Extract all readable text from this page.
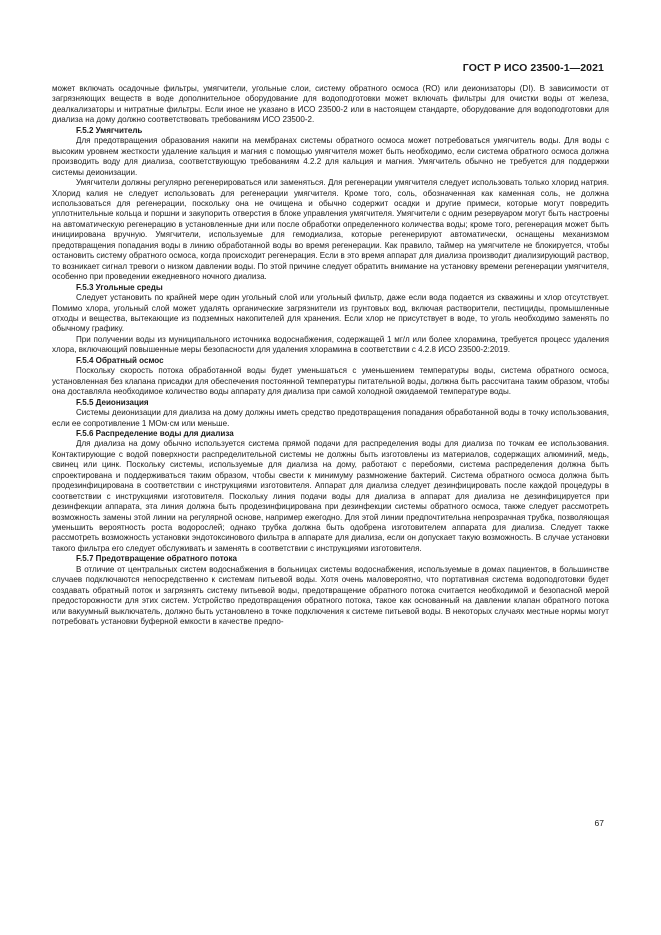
ГОСТ Р ИСО 23500-1—2021

может включать осадочные фильтры, умягчители, угольные слои, систему обратного осмоса (RO) или деионизаторы (DI). В зависимости от загрязняющих веществ в воде дополнительное оборудование для водоподготовки может включать фильтры для очистки воды от железа, деалкализаторы и нитратные фильтры. Если иное не указано в ИСО 23500-2 или в настоящем стандарте, оборудование для водоподготовки для диализа на дому должно соответствовать требованиям ИСО 23500-2.

F.5.2 Умягчитель

Для предотвращения образования накипи на мембранах системы обратного осмоса может потребоваться умягчитель воды. Для воды с высоким уровнем жесткости удаление кальция и магния с помощью умягчителя может быть необходимо, если система обратного осмоса должна производить воду для диализа, соответствующую требованиям 4.2.2 для кальция и магния. Умягчитель обычно не требуется для поддержки системы деионизации.

Умягчители должны регулярно регенерироваться или заменяться. Для регенерации умягчителя следует использовать только хлорид натрия. Хлорид калия не следует использовать для регенерации умягчителя. Кроме того, соль, обозначенная как каменная соль, не должна использоваться для регенерации, поскольку она не очищена и обычно содержит осадки и другие примеси, которые могут повредить уплотнительные кольца и поршни и закупорить отверстия в блоке управления умягчителя. Умягчители с одним резервуаром могут быть настроены на автоматическую регенерацию в установленные дни или после обработки определенного количества воды; кроме того, регенерация может быть инициирована вручную. Умягчители, используемые для гемодиализа, которые регенерируют автоматически, оснащены механизмом предотвращения попадания воды в линию обработанной воды во время регенерации. Как правило, таймер на умягчителе не блокируется, чтобы остановить систему обратного осмоса, когда происходит регенерация. Если в это время аппарат для диализа производит диализирующий раствор, то возникает сигнал тревоги о низком давлении воды. По этой причине следует обратить внимание на установку времени регенерации умягчителя, особенно при проведении ежедневного ночного диализа.

F.5.3 Угольные среды

Следует установить по крайней мере один угольный слой или угольный фильтр, даже если вода подается из скважины и хлор отсутствует. Помимо хлора, угольный слой может удалять органические загрязнители из грунтовых вод, включая растворители, пестициды, промышленные отходы и вещества, вытекающие из подземных накопителей для хранения. Если хлор не присутствует в воде, то уголь необходимо заменять по обычному графику.

При получении воды из муниципального источника водоснабжения, содержащей 1 мг/л или более хлорамина, требуется процесс удаления хлора, включающий повышенные меры безопасности для удаления хлорамина в соответствии с 4.2.8 ИСО 23500-2:2019.

F.5.4 Обратный осмос

Поскольку скорость потока обработанной воды будет уменьшаться с уменьшением температуры воды, система обратного осмоса, установленная без клапана присадки для обеспечения постоянной температуры питательной воды, должна быть рассчитана таким образом, чтобы она доставляла необходимое количество воды аппарату для диализа при самой холодной ожидаемой температуре воды.

F.5.5 Деионизация

Системы деионизации для диализа на дому должны иметь средство предотвращения попадания обработанной воды в точку использования, если ее сопротивление 1 МОм·см или меньше.

F.5.6 Распределение воды для диализа

Для диализа на дому обычно используется система прямой подачи для распределения воды для диализа по точкам ее использования. Контактирующие с водой поверхности распределительной системы не должны быть изготовлены из материалов, содержащих алюминий, медь, свинец или цинк. Поскольку системы, используемые для диализа на дому, работают с перебоями, система распределения должна быть спроектирована и поддерживаться таким образом, чтобы свести к минимуму размножение бактерий. Система обратного осмоса должна быть продезинфицирована в соответствии с инструкциями изготовителя. Аппарат для диализа следует дезинфицировать после каждой процедуры в соответствии с инструкциями изготовителя. Поскольку линия подачи воды для диализа в аппарат для диализа не дезинфицируется при дезинфекции аппарата, эта линия должна быть продезинфицирована при дезинфекции системы обратного осмоса, также следует рассмотреть возможность замены этой линии на регулярной основе, например ежегодно. Для этой линии предпочтительна непрозрачная трубка, позволяющая уменьшить вероятность роста водорослей; однако трубка должна быть одобрена изготовителем аппарата для диализа. Следует также рассмотреть возможность установки эндотоксинового фильтра в аппарате для диализа, если он допускает такую возможность. В случае установки такого фильтра его следует обслуживать и заменять в соответствии с инструкциями изготовителя.

F.5.7 Предотвращение обратного потока

В отличие от центральных систем водоснабжения в больницах системы водоснабжения, используемые в домах пациентов, в большинстве случаев подключаются непосредственно к системам питьевой воды. Хотя очень маловероятно, что портативная система водоподготовки будет создавать обратный поток и загрязнять систему питьевой воды, предотвращение обратного потока считается необходимой и безопасной мерой предосторожности для этих систем. Устройство предотвращения обратного потока, такое как основанный на давлении клапан обратного потока или вакуумный выключатель, должно быть установлено в точке подключения к системе питьевой воды. В некоторых случаях местные нормы могут потребовать установки буферной емкости в качестве предпо-

67
